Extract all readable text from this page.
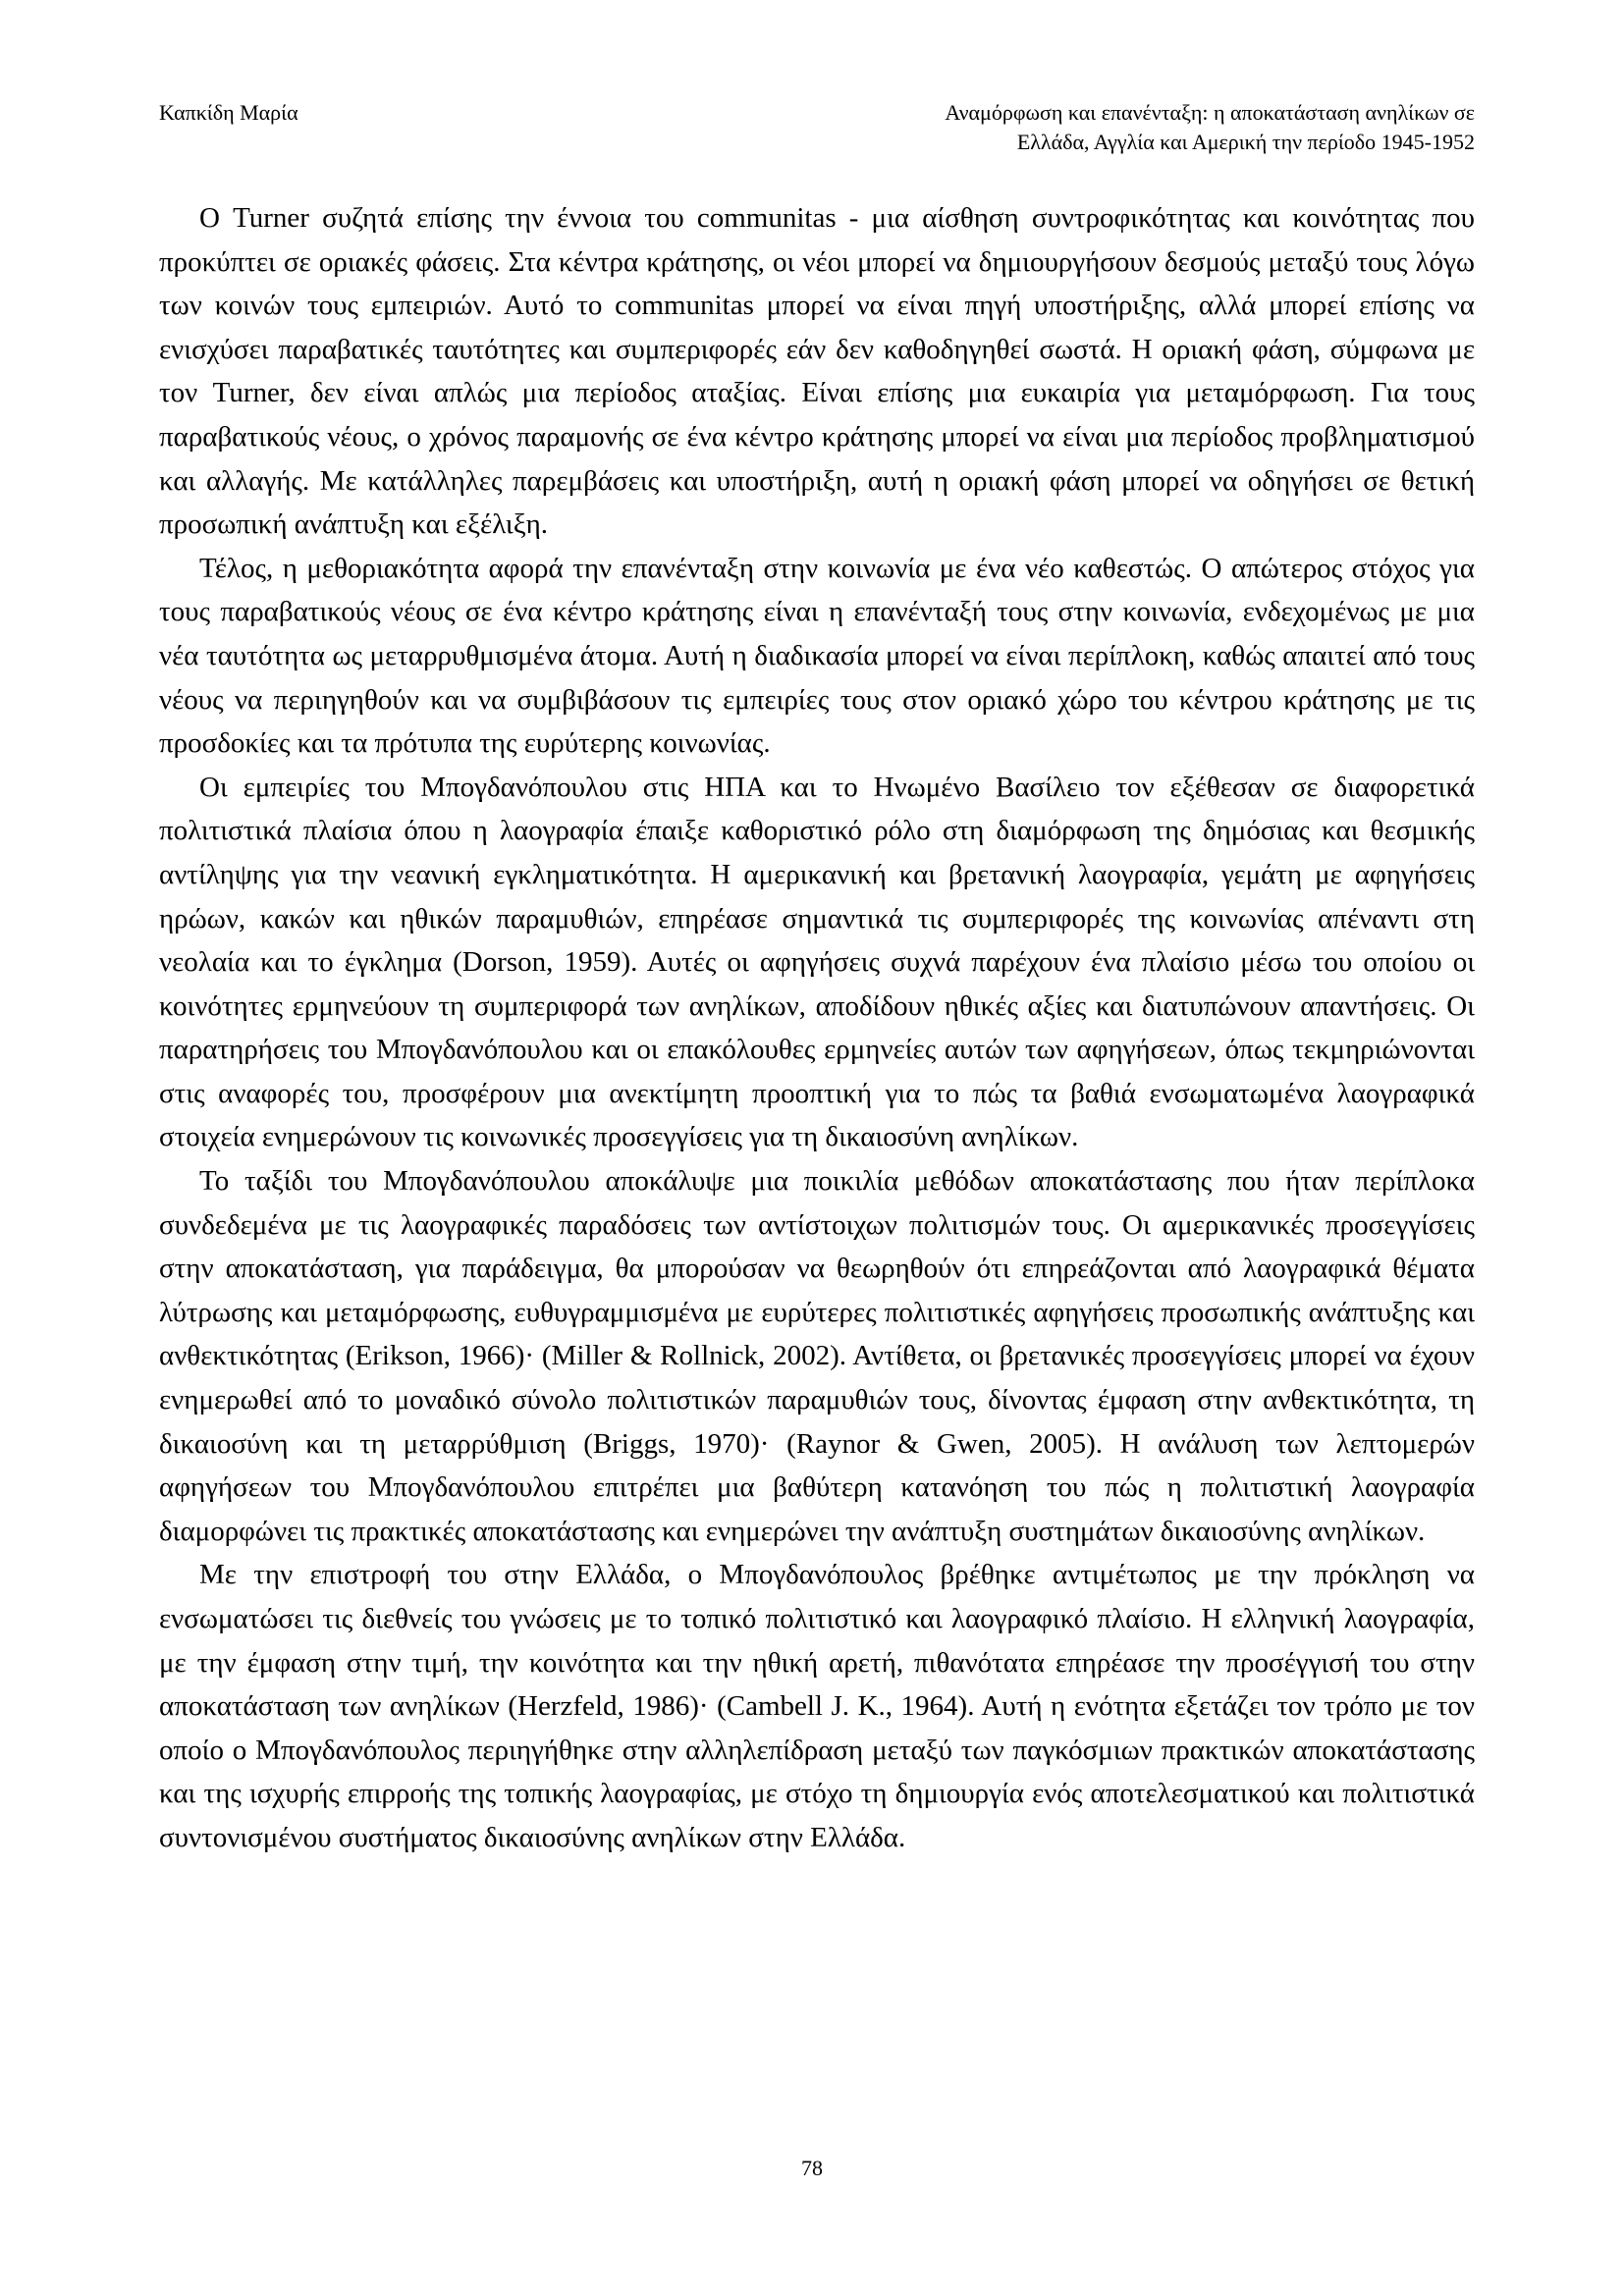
Καπκίδη Μαρία	Αναμόρφωση και επανένταξη: η αποκατάσταση ανηλίκων σε
Ελλάδα, Αγγλία και Αμερική την περίοδο 1945-1952

Ο Turner συζητά επίσης την έννοια του communitas - μια αίσθηση συντροφικότητας και κοινότητας που προκύπτει σε οριακές φάσεις. Στα κέντρα κράτησης, οι νέοι μπορεί να δημιουργήσουν δεσμούς μεταξύ τους λόγω των κοινών τους εμπειριών. Αυτό το communitas μπορεί να είναι πηγή υποστήριξης, αλλά μπορεί επίσης να ενισχύσει παραβατικές ταυτότητες και συμπεριφορές εάν δεν καθοδηγηθεί σωστά. Η οριακή φάση, σύμφωνα με τον Turner, δεν είναι απλώς μια περίοδος αταξίας. Είναι επίσης μια ευκαιρία για μεταμόρφωση. Για τους παραβατικούς νέους, ο χρόνος παραμονής σε ένα κέντρο κράτησης μπορεί να είναι μια περίοδος προβληματισμού και αλλαγής. Με κατάλληλες παρεμβάσεις και υποστήριξη, αυτή η οριακή φάση μπορεί να οδηγήσει σε θετική προσωπική ανάπτυξη και εξέλιξη.

Τέλος, η μεθοριακότητα αφορά την επανένταξη στην κοινωνία με ένα νέο καθεστώς. Ο απώτερος στόχος για τους παραβατικούς νέους σε ένα κέντρο κράτησης είναι η επανένταξή τους στην κοινωνία, ενδεχομένως με μια νέα ταυτότητα ως μεταρρυθμισμένα άτομα. Αυτή η διαδικασία μπορεί να είναι περίπλοκη, καθώς απαιτεί από τους νέους να περιηγηθούν και να συμβιβάσουν τις εμπειρίες τους στον οριακό χώρο του κέντρου κράτησης με τις προσδοκίες και τα πρότυπα της ευρύτερης κοινωνίας.

Οι εμπειρίες του Μπογδανόπουλου στις ΗΠΑ και το Ηνωμένο Βασίλειο τον εξέθεσαν σε διαφορετικά πολιτιστικά πλαίσια όπου η λαογραφία έπαιξε καθοριστικό ρόλο στη διαμόρφωση της δημόσιας και θεσμικής αντίληψης για την νεανική εγκληματικότητα. Η αμερικανική και βρετανική λαογραφία, γεμάτη με αφηγήσεις ηρώων, κακών και ηθικών παραμυθιών, επηρέασε σημαντικά τις συμπεριφορές της κοινωνίας απέναντι στη νεολαία και το έγκλημα (Dorson, 1959). Αυτές οι αφηγήσεις συχνά παρέχουν ένα πλαίσιο μέσω του οποίου οι κοινότητες ερμηνεύουν τη συμπεριφορά των ανηλίκων, αποδίδουν ηθικές αξίες και διατυπώνουν απαντήσεις. Οι παρατηρήσεις του Μπογδανόπουλου και οι επακόλουθες ερμηνείες αυτών των αφηγήσεων, όπως τεκμηριώνονται στις αναφορές του, προσφέρουν μια ανεκτίμητη προοπτική για το πώς τα βαθιά ενσωματωμένα λαογραφικά στοιχεία ενημερώνουν τις κοινωνικές προσεγγίσεις για τη δικαιοσύνη ανηλίκων.

Το ταξίδι του Μπογδανόπουλου αποκάλυψε μια ποικιλία μεθόδων αποκατάστασης που ήταν περίπλοκα συνδεδεμένα με τις λαογραφικές παραδόσεις των αντίστοιχων πολιτισμών τους. Οι αμερικανικές προσεγγίσεις στην αποκατάσταση, για παράδειγμα, θα μπορούσαν να θεωρηθούν ότι επηρεάζονται από λαογραφικά θέματα λύτρωσης και μεταμόρφωσης, ευθυγραμμισμένα με ευρύτερες πολιτιστικές αφηγήσεις προσωπικής ανάπτυξης και ανθεκτικότητας (Erikson, 1966)· (Miller & Rollnick, 2002). Αντίθετα, οι βρετανικές προσεγγίσεις μπορεί να έχουν ενημερωθεί από το μοναδικό σύνολο πολιτιστικών παραμυθιών τους, δίνοντας έμφαση στην ανθεκτικότητα, τη δικαιοσύνη και τη μεταρρύθμιση (Briggs, 1970)· (Raynor & Gwen, 2005). Η ανάλυση των λεπτομερών αφηγήσεων του Μπογδανόπουλου επιτρέπει μια βαθύτερη κατανόηση του πώς η πολιτιστική λαογραφία διαμορφώνει τις πρακτικές αποκατάστασης και ενημερώνει την ανάπτυξη συστημάτων δικαιοσύνης ανηλίκων.

Με την επιστροφή του στην Ελλάδα, ο Μπογδανόπουλος βρέθηκε αντιμέτωπος με την πρόκληση να ενσωματώσει τις διεθνείς του γνώσεις με το τοπικό πολιτιστικό και λαογραφικό πλαίσιο. Η ελληνική λαογραφία, με την έμφαση στην τιμή, την κοινότητα και την ηθική αρετή, πιθανότατα επηρέασε την προσέγγισή του στην αποκατάσταση των ανηλίκων (Herzfeld, 1986)· (Cambell J. K., 1964). Αυτή η ενότητα εξετάζει τον τρόπο με τον οποίο ο Μπογδανόπουλος περιηγήθηκε στην αλληλεπίδραση μεταξύ των παγκόσμιων πρακτικών αποκατάστασης και της ισχυρής επιρροής της τοπικής λαογραφίας, με στόχο τη δημιουργία ενός αποτελεσματικού και πολιτιστικά συντονισμένου συστήματος δικαιοσύνης ανηλίκων στην Ελλάδα.

78
